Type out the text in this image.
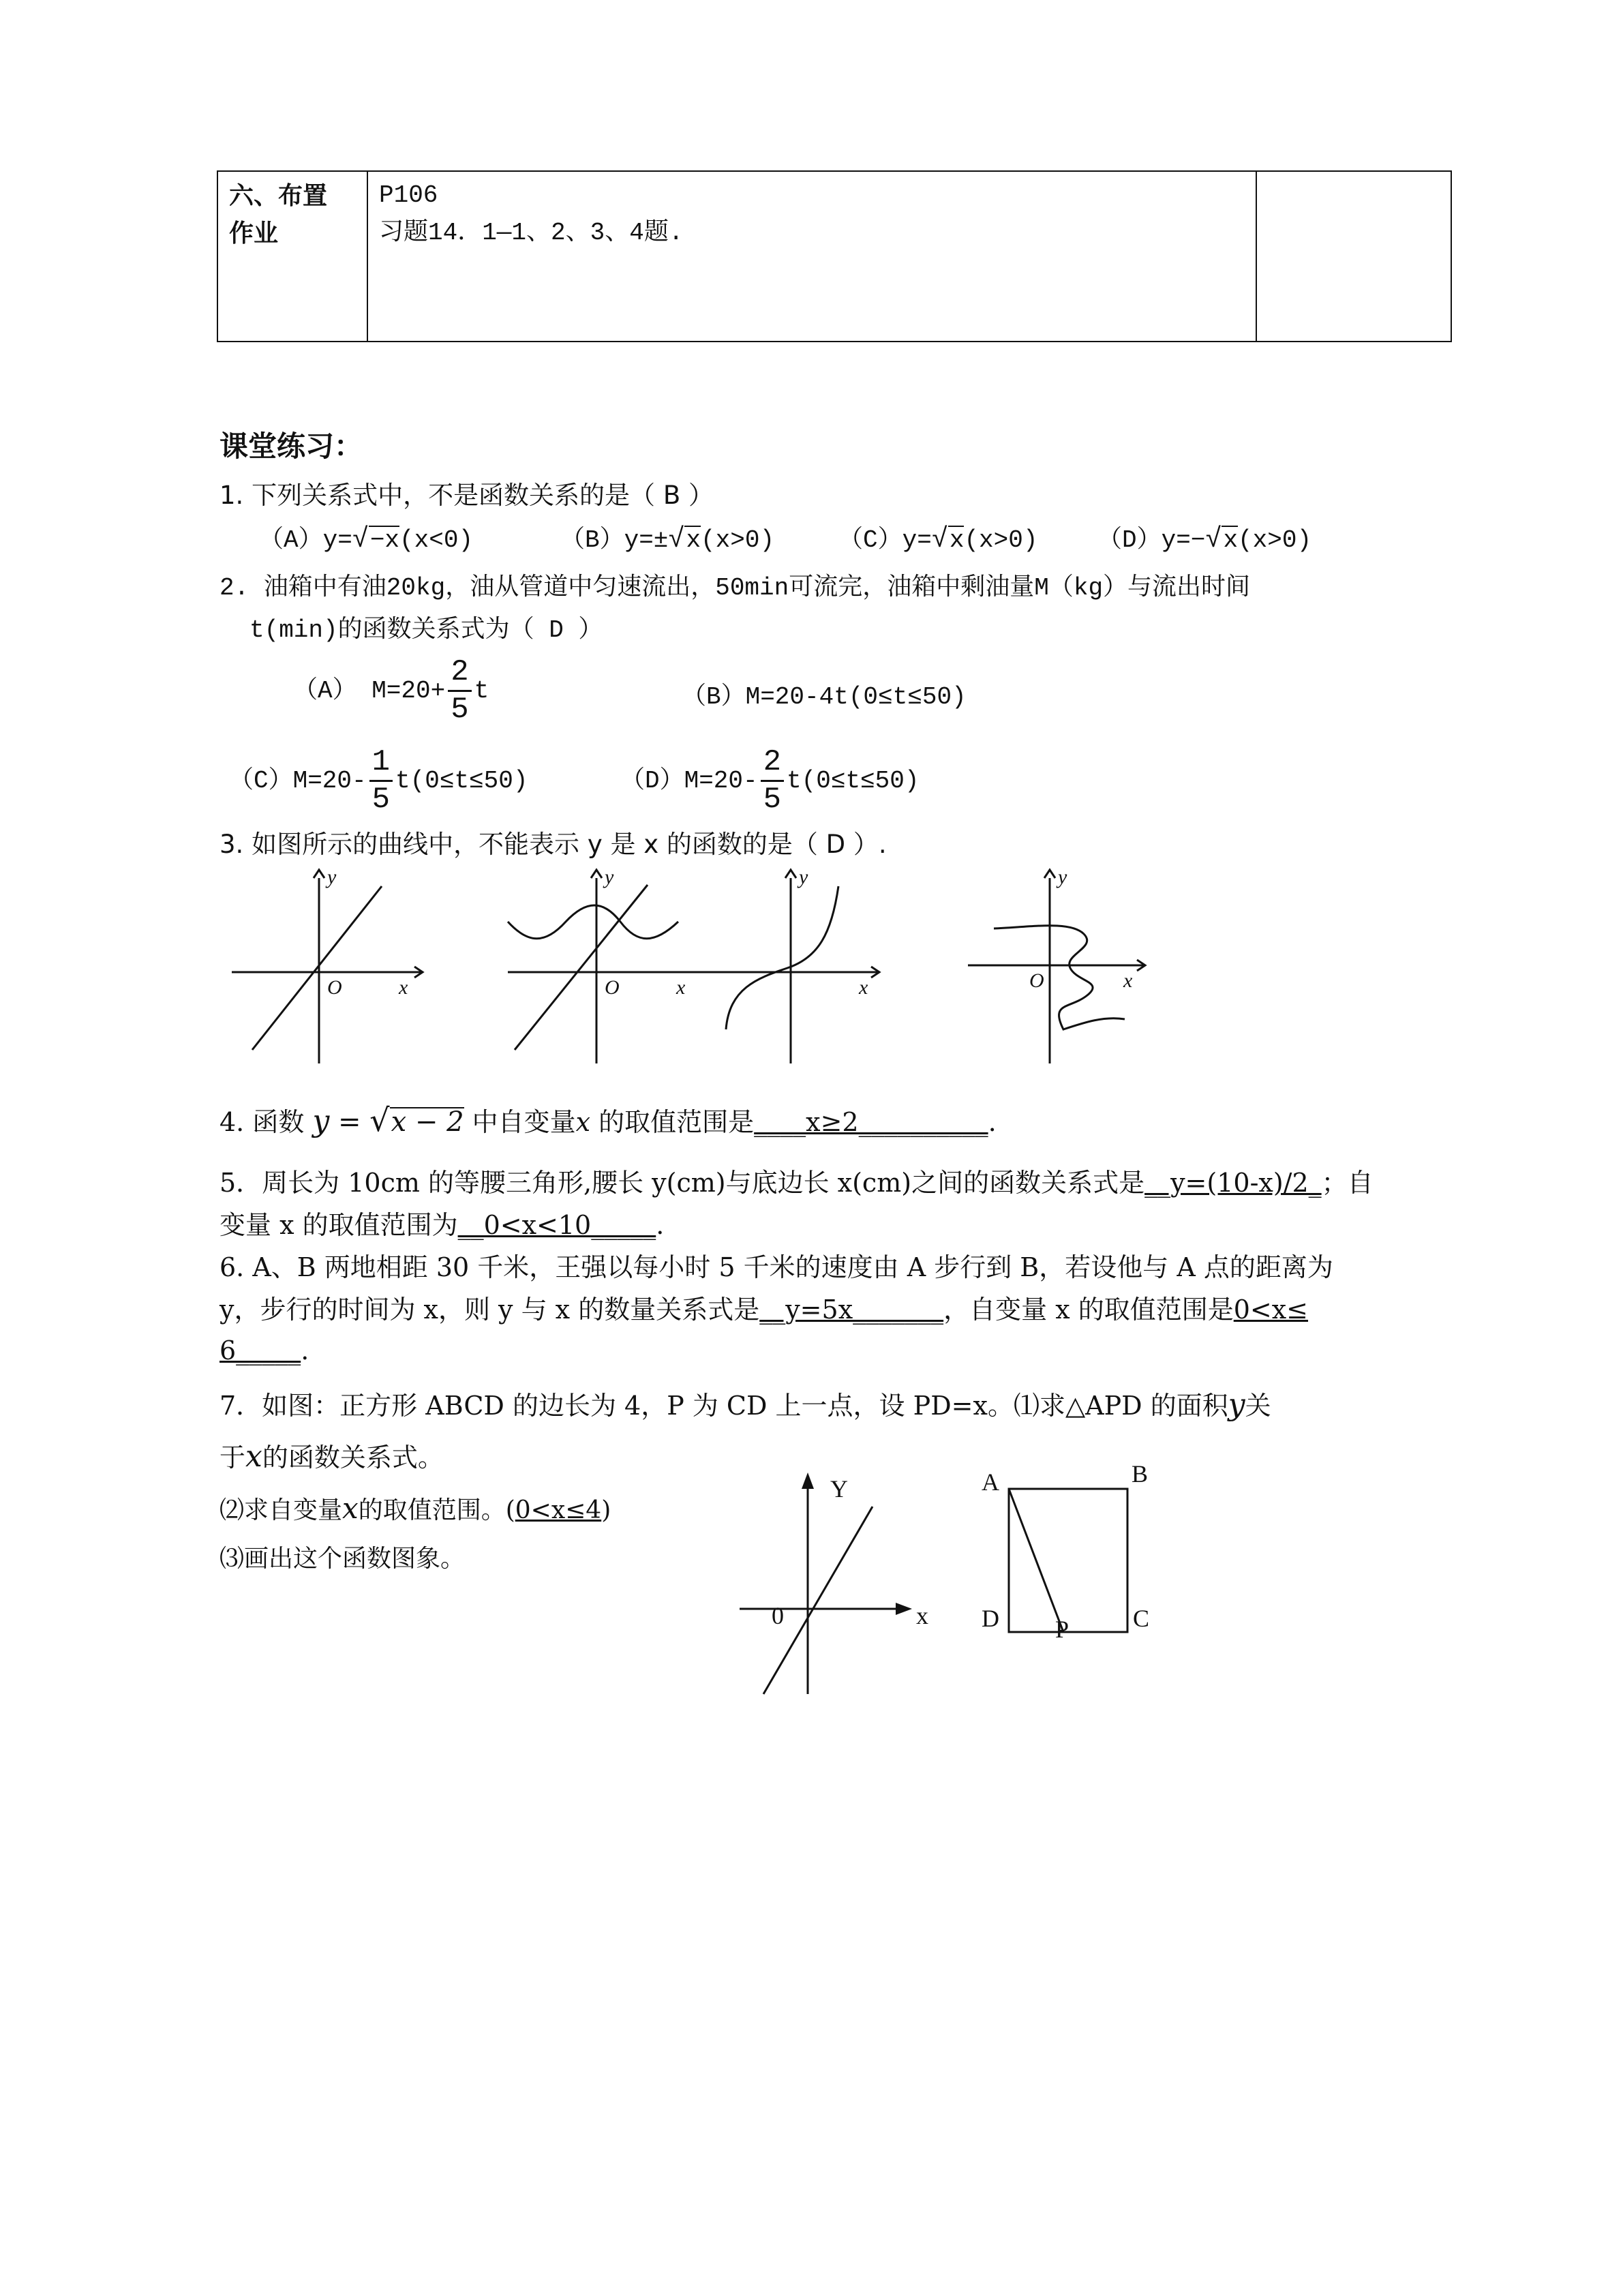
六、布置
作业

P106
习题14．1—1、2、3、4题.

课堂练习：
1. 下列关系式中，不是函数关系的是（ B ）
（A）y=√−x(x<0)	（B）y=±√x(x>0)	（C）y=√x(x>0) （D）y=−√x(x>0)
2. 油箱中有油20kg，油从管道中匀速流出，50min可流完，油箱中剩油量M（kg）与流出时间
t(min)的函数关系式为（ D ）
（A） $M=20+ \frac{2}{5}$ t	（B）M=20-4t(0≤t≤50)
$(C)M=20- \frac{1}{5} t(0\le t\le 50)$	$(D)M=20- \frac{2}{5} t(0\le t\le 50)$
3. 如图所示的曲线中，不能表示 y 是 x 的函数的是（ D ）.
y
O	x
y
O	x
y
x
y
O	x
4. 函数 y = √x − 2 中自变量x 的取值范围是____x≥2__________.
5．周长为 10cm 的等腰三角形,腰长 y(cm)与底边长 x(cm)之间的函数关系式是__y=(10-x)/2_；自
变量 x 的取值范围为__0<x<10_____.
6. A、B 两地相距 30 千米，王强以每小时 5 千米的速度由 A 步行到 B，若设他与 A 点的距离为
y，步行的时间为 x，则 y 与 x 的数量关系式是__y=5x_______，自变量 x 的取值范围是0<x≤
6_____.
7．如图：正方形 ABCD 的边长为 4，P 为 CD 上一点，设 PD=x。⑴求△APD 的面积y关
于x的函数关系式。
⑵求自变量x的取值范围。(0<x≤4)
⑶画出这个函数图象。
Y
x
0
A	B
C
D P
